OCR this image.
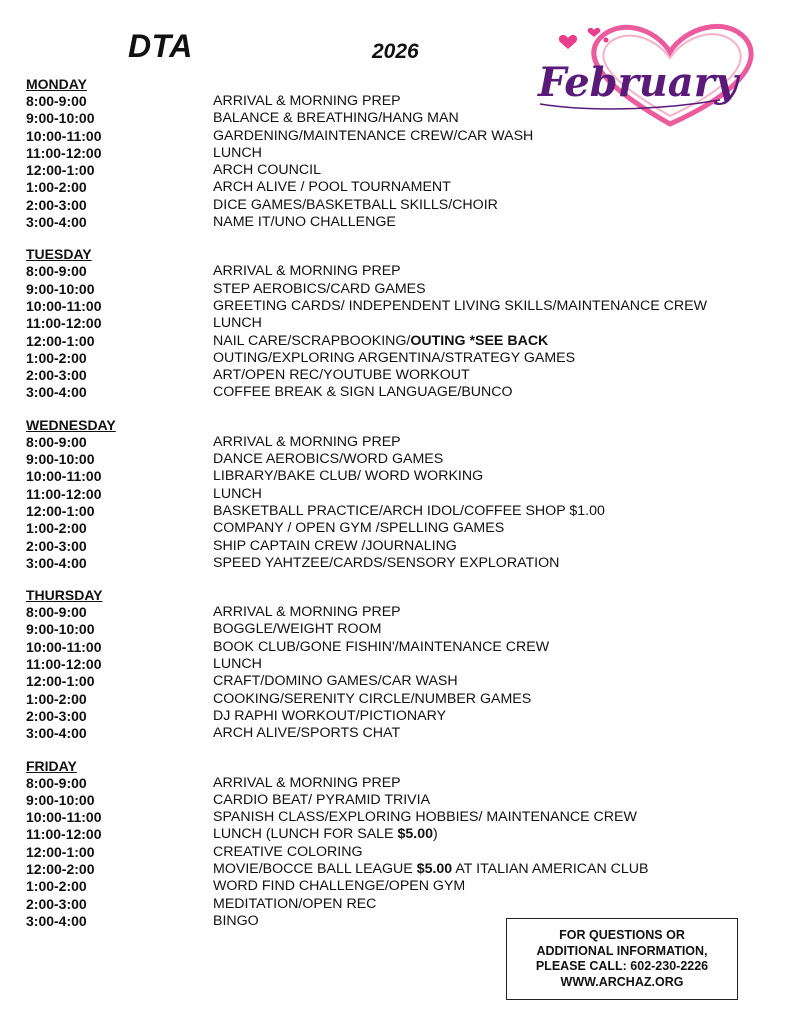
DTA	2026
February
MONDAY
8:00-9:00	ARRIVAL & MORNING PREP
9:00-10:00	BALANCE & BREATHING/HANG MAN
10:00-11:00	GARDENING/MAINTENANCE CREW/CAR WASH
11:00-12:00	LUNCH
12:00-1:00	ARCH COUNCIL
1:00-2:00	ARCH ALIVE / POOL TOURNAMENT
2:00-3:00	DICE GAMES/BASKETBALL SKILLS/CHOIR
3:00-4:00	NAME IT/UNO CHALLENGE
TUESDAY
8:00-9:00	ARRIVAL & MORNING PREP
9:00-10:00	STEP AEROBICS/CARD GAMES
10:00-11:00	GREETING CARDS/ INDEPENDENT LIVING SKILLS/MAINTENANCE CREW
11:00-12:00	LUNCH
12:00-1:00	NAIL CARE/SCRAPBOOKING/OUTING *SEE BACK
1:00-2:00	OUTING/EXPLORING ARGENTINA/STRATEGY GAMES
2:00-3:00	ART/OPEN REC/YOUTUBE WORKOUT
3:00-4:00	COFFEE BREAK & SIGN LANGUAGE/BUNCO
WEDNESDAY
8:00-9:00	ARRIVAL & MORNING PREP
9:00-10:00	DANCE AEROBICS/WORD GAMES
10:00-11:00	LIBRARY/BAKE CLUB/ WORD WORKING
11:00-12:00	LUNCH
12:00-1:00	BASKETBALL PRACTICE/ARCH IDOL/COFFEE SHOP $1.00
1:00-2:00	COMPANY / OPEN GYM /SPELLING GAMES
2:00-3:00	SHIP CAPTAIN CREW /JOURNALING
3:00-4:00	SPEED YAHTZEE/CARDS/SENSORY EXPLORATION
THURSDAY
8:00-9:00	ARRIVAL & MORNING PREP
9:00-10:00	BOGGLE/WEIGHT ROOM
10:00-11:00	BOOK CLUB/GONE FISHIN'/MAINTENANCE CREW
11:00-12:00	LUNCH
12:00-1:00	CRAFT/DOMINO GAMES/CAR WASH
1:00-2:00	COOKING/SERENITY CIRCLE/NUMBER GAMES
2:00-3:00	DJ RAPHI WORKOUT/PICTIONARY
3:00-4:00	ARCH ALIVE/SPORTS CHAT
FRIDAY
8:00-9:00	ARRIVAL & MORNING PREP
9:00-10:00	CARDIO BEAT/ PYRAMID TRIVIA
10:00-11:00	SPANISH CLASS/EXPLORING HOBBIES/ MAINTENANCE CREW
11:00-12:00	LUNCH (LUNCH FOR SALE $5.00)
12:00-1:00	CREATIVE COLORING
12:00-2:00	MOVIE/BOCCE BALL LEAGUE $5.00 AT ITALIAN AMERICAN CLUB
1:00-2:00	WORD FIND CHALLENGE/OPEN GYM
2:00-3:00	MEDITATION/OPEN REC
3:00-4:00	BINGO
FOR QUESTIONS OR
ADDITIONAL INFORMATION,
PLEASE CALL: 602-230-2226
WWW.ARCHAZ.ORG
